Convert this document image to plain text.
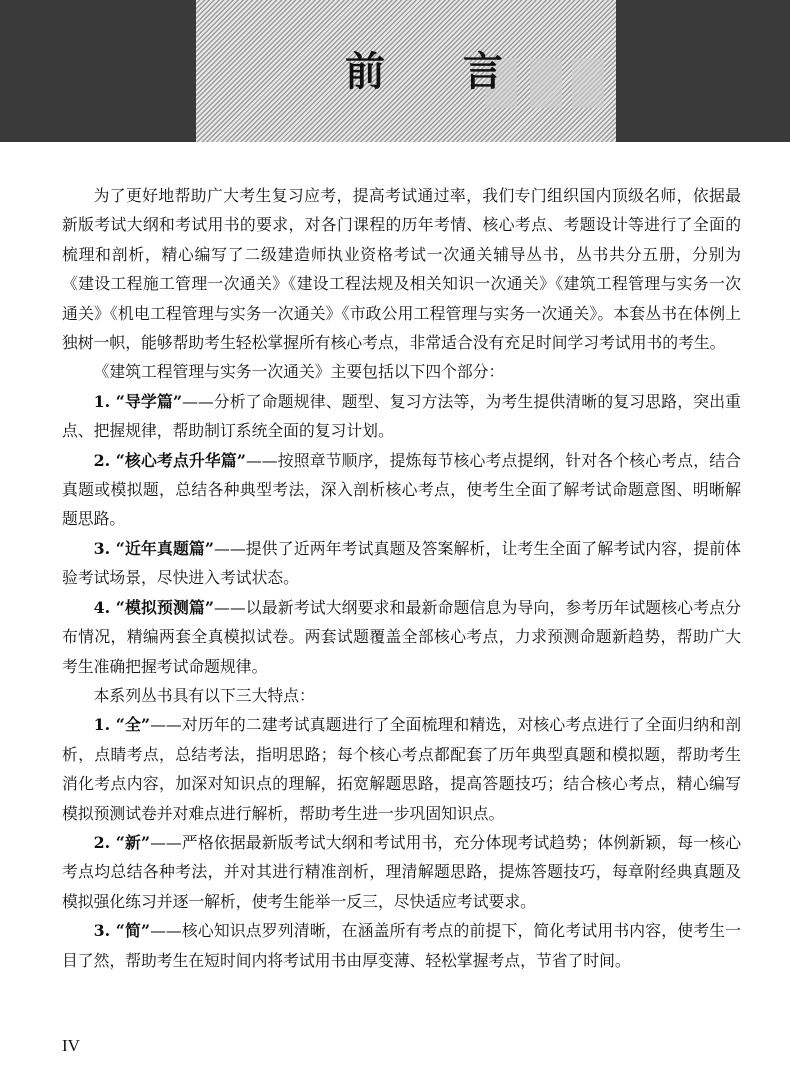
前 言

为了更好地帮助广大考生复习应考，提高考试通过率，我们专门组织国内顶级名师，依据最新版考试大纲和考试用书的要求，对各门课程的历年考情、核心考点、考题设计等进行了全面的梳理和剖析，精心编写了二级建造师执业资格考试一次通关辅导丛书，丛书共分五册，分别为《建设工程施工管理一次通关》《建设工程法规及相关知识一次通关》《建筑工程管理与实务一次通关》《机电工程管理与实务一次通关》《市政公用工程管理与实务一次通关》。本套丛书在体例上独树一帜，能够帮助考生轻松掌握所有核心考点，非常适合没有充足时间学习考试用书的考生。

《建筑工程管理与实务一次通关》主要包括以下四个部分：

1. “导学篇”——分析了命题规律、题型、复习方法等，为考生提供清晰的复习思路，突出重点、把握规律，帮助制订系统全面的复习计划。

2. “核心考点升华篇”——按照章节顺序，提炼每节核心考点提纲，针对各个核心考点，结合真题或模拟题，总结各种典型考法，深入剖析核心考点，使考生全面了解考试命题意图、明晰解题思路。

3. “近年真题篇”——提供了近两年考试真题及答案解析，让考生全面了解考试内容，提前体验考试场景，尽快进入考试状态。

4. “模拟预测篇”——以最新考试大纲要求和最新命题信息为导向，参考历年试题核心考点分布情况，精编两套全真模拟试卷。两套试题覆盖全部核心考点，力求预测命题新趋势，帮助广大考生准确把握考试命题规律。

本系列丛书具有以下三大特点：

1. “全”——对历年的二建考试真题进行了全面梳理和精选，对核心考点进行了全面归纳和剖析，点睛考点，总结考法，指明思路；每个核心考点都配套了历年典型真题和模拟题，帮助考生消化考点内容，加深对知识点的理解，拓宽解题思路，提高答题技巧；结合核心考点，精心编写模拟预测试卷并对难点进行解析，帮助考生进一步巩固知识点。

2. “新”——严格依据最新版考试大纲和考试用书，充分体现考试趋势；体例新颖，每一核心考点均总结各种考法，并对其进行精准剖析，理清解题思路，提炼答题技巧，每章附经典真题及模拟强化练习并逐一解析，使考生能举一反三，尽快适应考试要求。

3. “简”——核心知识点罗列清晰，在涵盖所有考点的前提下，简化考试用书内容，使考生一目了然，帮助考生在短时间内将考试用书由厚变薄、轻松掌握考点，节省了时间。

IV
